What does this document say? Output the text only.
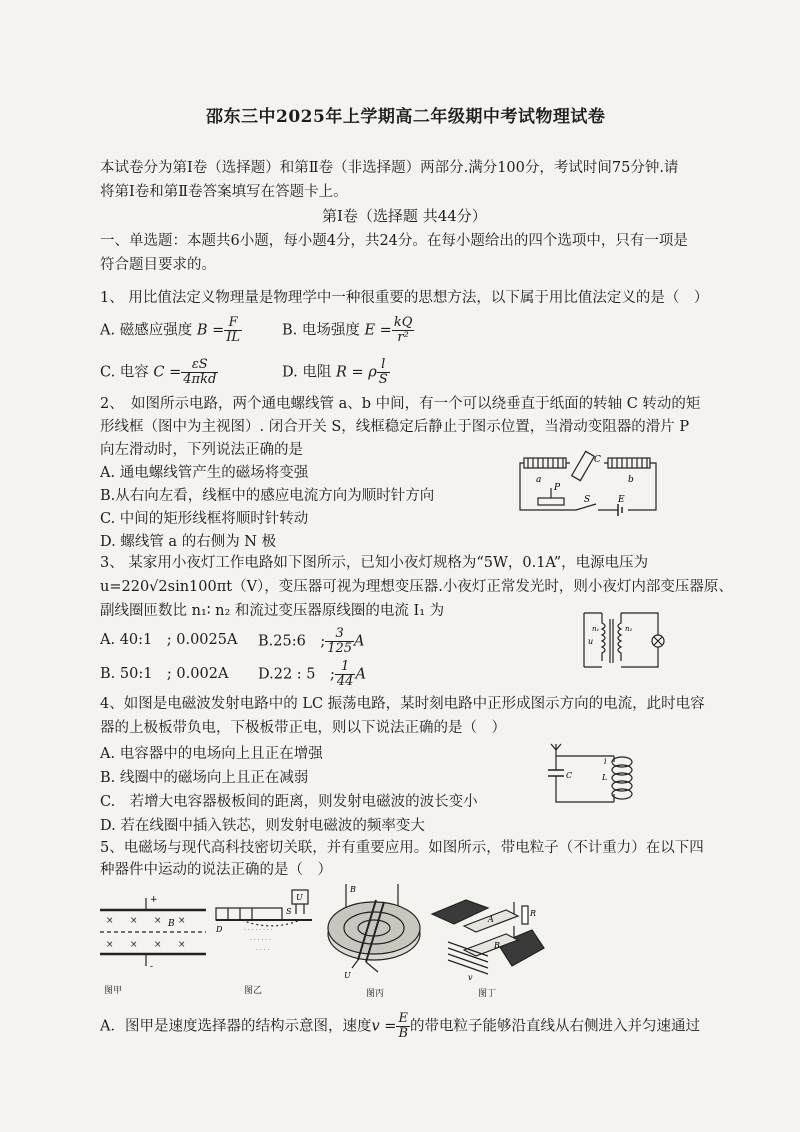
邵东三中2025年上学期高二年级期中考试物理试卷
本试卷分为第Ⅰ卷（选择题）和第Ⅱ卷（非选择题）两部分.满分100分，考试时间75分钟.请
将第Ⅰ卷和第Ⅱ卷答案填写在答题卡上。
第Ⅰ卷（选择题 共44分）
一、单选题：本题共6小题，每小题4分，共24分。在每小题给出的四个选项中，只有一项是
符合题目要求的。
1、 用比值法定义物理量是物理学中一种很重要的思想方法，以下属于用比值法定义的是（　）
A. 磁感应强度 $B = \frac{F}{IL}$	B. 电场强度 $E = \frac{kQ}{\text{r²}}$
C. 电容 $C = \frac{\varepsilon S}{\text{4πkd}}$	D. 电阻 R = ρ $\frac{l}{S}$
2、　如图所示电路，两个通电螺线管 a、b 中间，有一个可以绕垂直于纸面的转轴 C 转动的矩
形线框（图中为主视图）. 闭合开关 S，线框稳定后静止于图示位置，当滑动变阻器的滑片 P
向左滑动时，下列说法正确的是
A. 通电螺线管产生的磁场将变强
B.从右向左看，线框中的感应电流方向为顺时针方向
C. 中间的矩形线框将顺时针转动
D. 螺线管 a 的右侧为 N 极
a	b
C
P
S	E
3、 某家用小夜灯工作电路如下图所示，已知小夜灯规格为“5W，0.1A”，电源电压为
u=220√2sin100πt（V），变压器可视为理想变压器.小夜灯正常发光时，则小夜灯内部变压器原、
副线圈匝数比 n₁∶ n₂ 和流过变压器原线圈的电流 I₁ 为
A. 40:1　; 0.0025A B.25:6　; $\frac{3}{125}$ A
B. 50:1　; 0.002A D.22 : 5　; $\frac{1}{44}$ A
u
n₁	n₂
4、如图是电磁波发射电路中的 LC 振荡电路，某时刻电路中正形成图示方向的电流，此时电容
器的上极板带负电，下极板带正电，则以下说法正确的是（　）
A. 电容器中的电场向上且正在增强
B. 线圈中的磁场向上且正在减弱
C.　若增大电容器极板间的距离，则发射电磁波的波长变小
D. 若在线圈中插入铁芯，则发射电磁波的频率变大
C	L
i
5、电磁场与现代高科技密切关联，并有重要应用。如图所示，带电粒子（不计重力）在以下四
种器件中运动的说法正确的是（　）
× × ×
× × × ×
×
B
+
-
图甲
· · · · · · · ·
· · · · · ·
· · · ·
U
D
S
图乙
B
U
图丙
A
R
B
v
图丁
A．图甲是速度选择器的结构示意图，速度$v = \frac{E}{B}$ 的带电粒子能够沿直线从右侧进入并匀速通过
